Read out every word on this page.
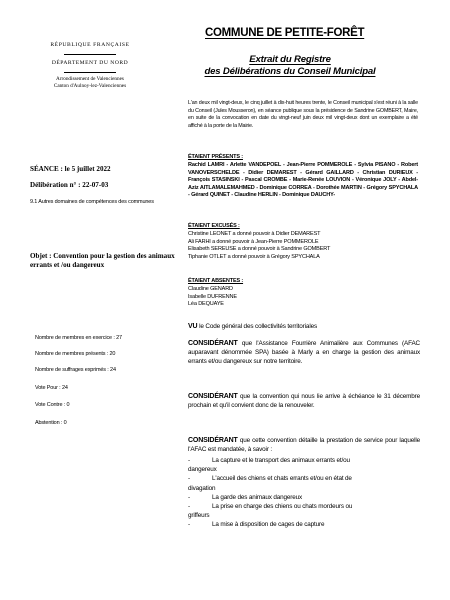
RÉPUBLIQUE FRANÇAISE
DÉPARTEMENT DU NORD
Arrondissement de Valenciennes
Canton d'Aulnoy-lez-Valenciennes
COMMUNE DE PETITE-FORÊT
Extrait du Registre
des Délibérations du Conseil Municipal
L'an deux mil vingt-deux, le cinq juillet à dix-huit heures trente, le Conseil municipal s'est réuni à la salle du Conseil (Jules Mousseron), en séance publique sous la présidence de Sandrine GOMBERT, Maire, en suite de la convocation en date du vingt-neuf juin deux mil vingt-deux dont un exemplaire a été affiché à la porte de la Mairie.
SÉANCE : le 5 juillet 2022
Délibération n° : 22-07-03
9.1 Autres domaines de compétences des communes
Objet : Convention pour la gestion des animaux errants et /ou dangereux
Nombre de membres en exercice : 27
Nombre de membres présents : 20
Nombre de suffrages exprimés : 24
Vote Pour : 24
Vote Contre : 0
Abstention : 0
ÉTAIENT PRÉSENTS :
Rachid LAMRI - Arlette VANDEPOEL - Jean-Pierre POMMEROLE - Sylvia PISANO - Robert VANOVERSCHELDE - Didier DEMAREST - Gérard GAILLARD - Christian DURIEUX - François STASINSKI - Pascal CROMBE - Marie-Renée LOUVION - Véronique JOLY - Abdel-Aziz AITLAMALEMAHMED - Dominique CORREA - Dorothée MARTIN - Grégory SPYCHALA - Gérard QUINET - Claudine HERLIN - Dominique DAUCHY-
ÉTAIENT EXCUSÉS :
Christine LEONET a donné pouvoir à Didier DEMAREST
Ali FARHI a donné pouvoir à Jean-Pierre POMMEROLE
Elisabeth SEREUSE a donné pouvoir à Sandrine GOMBERT
Tiphanie OTLET a donné pouvoir à Grégory SPYCHALA
ÉTAIENT ABSENTES :
Claudine GENARD
Isabelle DUFRENNE
Léa DEQUAYE
VU le Code général des collectivités territoriales
CONSIDÉRANT que l'Assistance Fourrière Animalière aux Communes (AFAC auparavant dénommée SPA) basée à Marly a en charge la gestion des animaux errants et/ou dangereux sur notre territoire.
CONSIDÉRANT que la convention qui nous lie arrive à échéance le 31 décembre prochain et qu'il convient donc de la renouveler.
CONSIDÉRANT que cette convention détaille la prestation de service pour laquelle l'AFAC est mandatée, à savoir :
-	La capture et le transport des animaux errants et/ou
dangereux
-	L'accueil des chiens et chats errants et/ou en état de
divagation
-	La garde des animaux dangereux
-	La prise en charge des chiens ou chats mordeurs ou
griffeurs
-	La mise à disposition de cages de capture
